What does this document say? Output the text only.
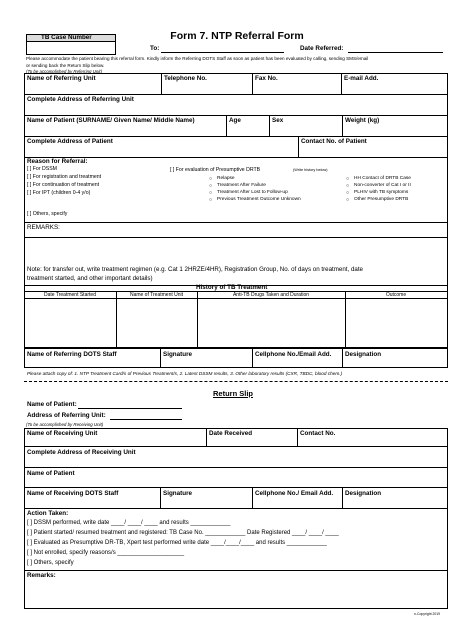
Form 7. NTP Referral Form
TB Case Number
To:	Date Referred:
Please accommodate the patient bearing this referral form. Kindly inform the Referring DOTS Staff as soon as patient has been evaluated by calling, sending SMS/email
or sending back the Return Slip below.
(To be accomplished by Referring Unit)
Name of Referring Unit	Telephone No.	Fax No.	E-mail Add.
Complete Address of Referring Unit
Name of Patient (SURNAME/ Given Name/ Middle Name)	Age	Sex	Weight (kg)
Complete Address of Patient	Contact No. of Patient
Reason for Referral:
[ ] For DSSM
[ ] For registration and treatment
[ ] For continuation of treatment
[ ] For IPT (children 0-4 y/o)
[ ] For evaluation of Presumptive DRTB	(Write history below)
○ Relapse
○ Treatment After Failure
○ Treatment After Lost to Follow-up
○ Previous Treatment Outcome Unknown
○ HH Contact of DRTB Case
○ Non-converter of Cat I or II
○ PLHIV with TB symptoms
○ Other Presumptive DRTB
[ ] Others, specify
REMARKS:
Note: for transfer out, write treatment regimen (e.g. Cat 1 2HRZE/4HR), Registration Group, No. of days on treatment, date
treatment started, and other important details)
History of TB Treatment
Date Treatment Started	Name of Treatment Unit	Anti-TB Drugs Taken and Duration	Outcome
Name of Referring DOTS Staff	Signature	Cellphone No./Email Add. Designation
Please attach copy of: 1. NTP Treatment Card/s of Previous Treatment/s, 2. Latest DSSM results, 3. Other laboratory results (CXR, TBDC, blood chem.)
Return Slip
Name of Patient:
Address of Referring Unit:
(To be accomplished by Receiving Unit)
Name of Receiving Unit	Date Received	Contact No.
Complete Address of Receiving Unit
Name of Patient
Name of Receiving DOTS Staff	Signature	Cellphone No./ Email Add. Designation
Action Taken:
[ ] DSSM performed, write date ____/ ____/ ____ and results ____________
[ ] Patient started/ resumed treatment and registered: TB Case No. ____________ Date Registered ____/ ____/ ____
[ ] Evaluated as Presumptive DR-TB, Xpert test performed write date ____/____/____ and results ____________
[ ] Not enrolled, specify reasons/s ____________________
[ ] Others, specify
Remarks:
n-Copyright 2019
